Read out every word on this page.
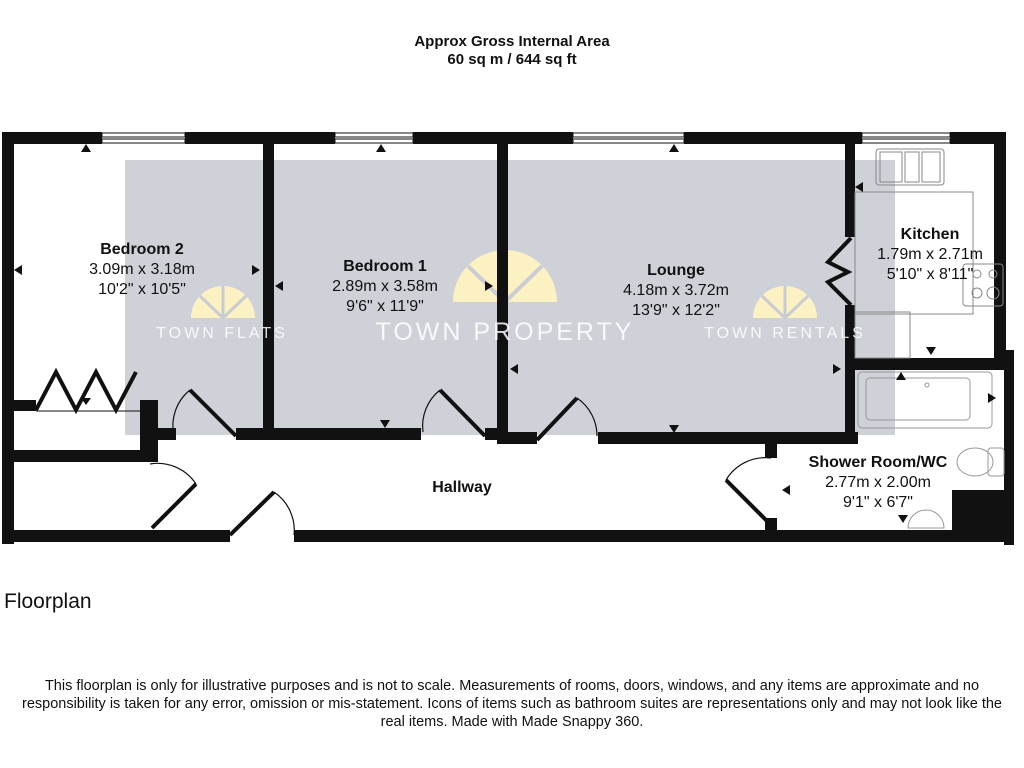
Approx Gross Internal Area
60 sq m / 644 sq ft
TOWN FLATS	TOWN PROPERTY	TOWN RENTALS
Bedroom 2
3.09m x 3.18m
10'2" x 10'5"
Bedroom 1
2.89m x 3.58m
9'6" x 11'9"
Lounge
4.18m x 3.72m
13'9" x 12'2"
Kitchen
1.79m x 2.71m
5'10" x 8'11"
Shower Room/WC
2.77m x 2.00m
9'1" x 6'7"
Hallway
Floorplan
This floorplan is only for illustrative purposes and is not to scale. Measurements of rooms, doors, windows, and any items are approximate and no responsibility is taken for any error, omission or mis-statement. Icons of items such as bathroom suites are representations only and may not look like the real items. Made with Made Snappy 360.
